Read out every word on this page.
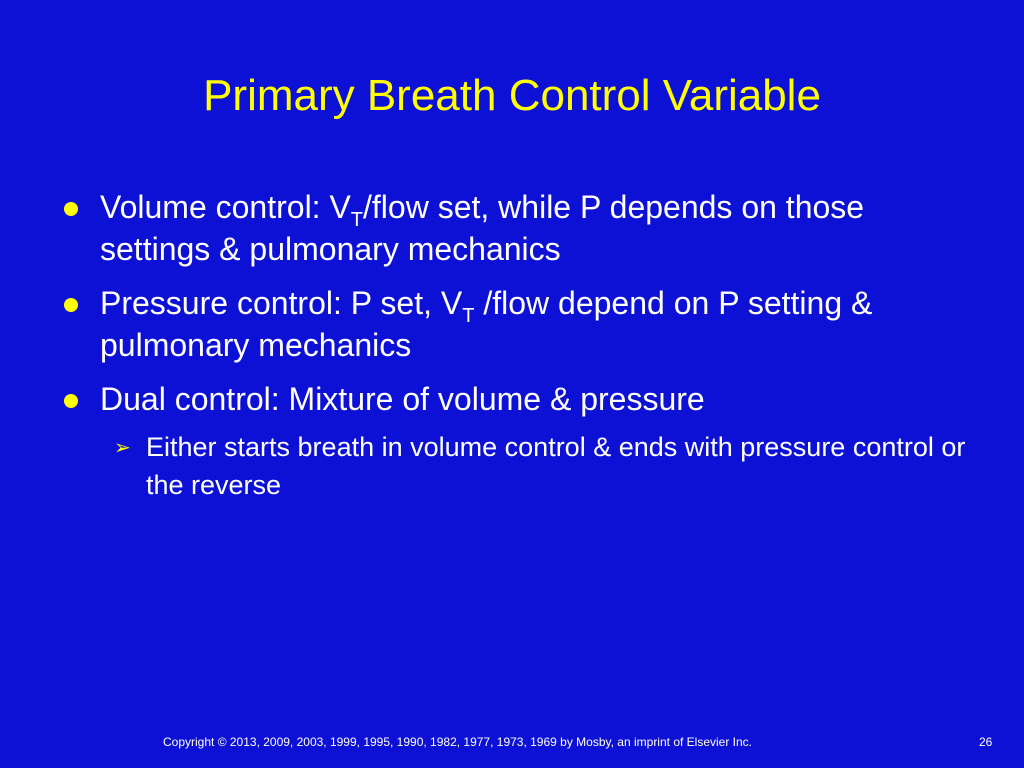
Primary Breath Control Variable
Volume control: $V_T$/flow set, while P depends on those settings & pulmonary mechanics
Pressure control: P set, $V_T$ /flow depend on P setting & pulmonary mechanics
Dual control: Mixture of volume & pressure
➢ Either starts breath in volume control & ends with pressure control or the reverse
Copyright © 2013, 2009, 2003, 1999, 1995, 1990, 1982, 1977, 1973, 1969 by Mosby, an imprint of Elsevier Inc.	26
